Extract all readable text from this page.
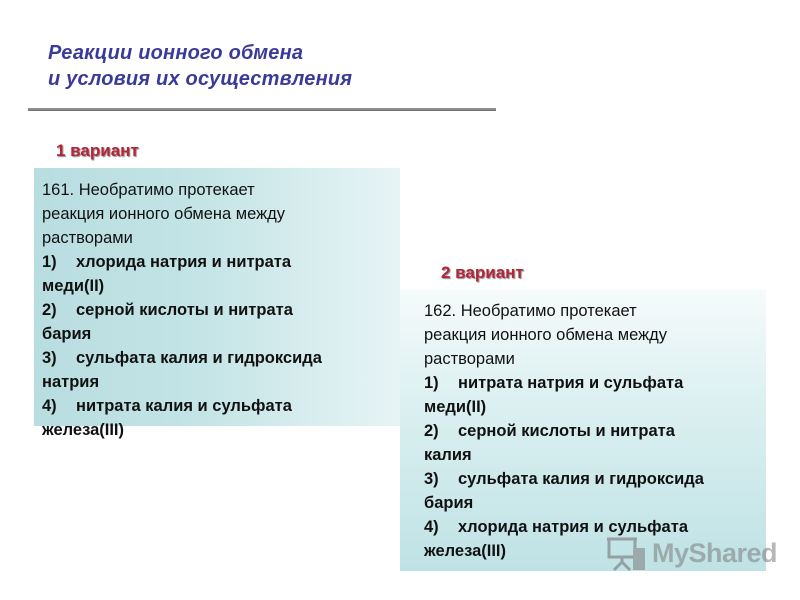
Реакции ионного обмена
и условия их осуществления
1 вариант
161. Необратимо протекает
реакция ионного обмена между
растворами
1) хлорида натрия и нитрата
меди(II)
2) серной кислоты и нитрата
бария
3) сульфата калия и гидроксида
натрия
4) нитрата калия и сульфата
железа(III)
2 вариант
162. Необратимо протекает
реакция ионного обмена между
растворами
1) нитрата натрия и сульфата
меди(II)
2) серной кислоты и нитрата
калия
3) сульфата калия и гидроксида
бария
4) хлорида натрия и сульфата
железа(III)	MyShared
